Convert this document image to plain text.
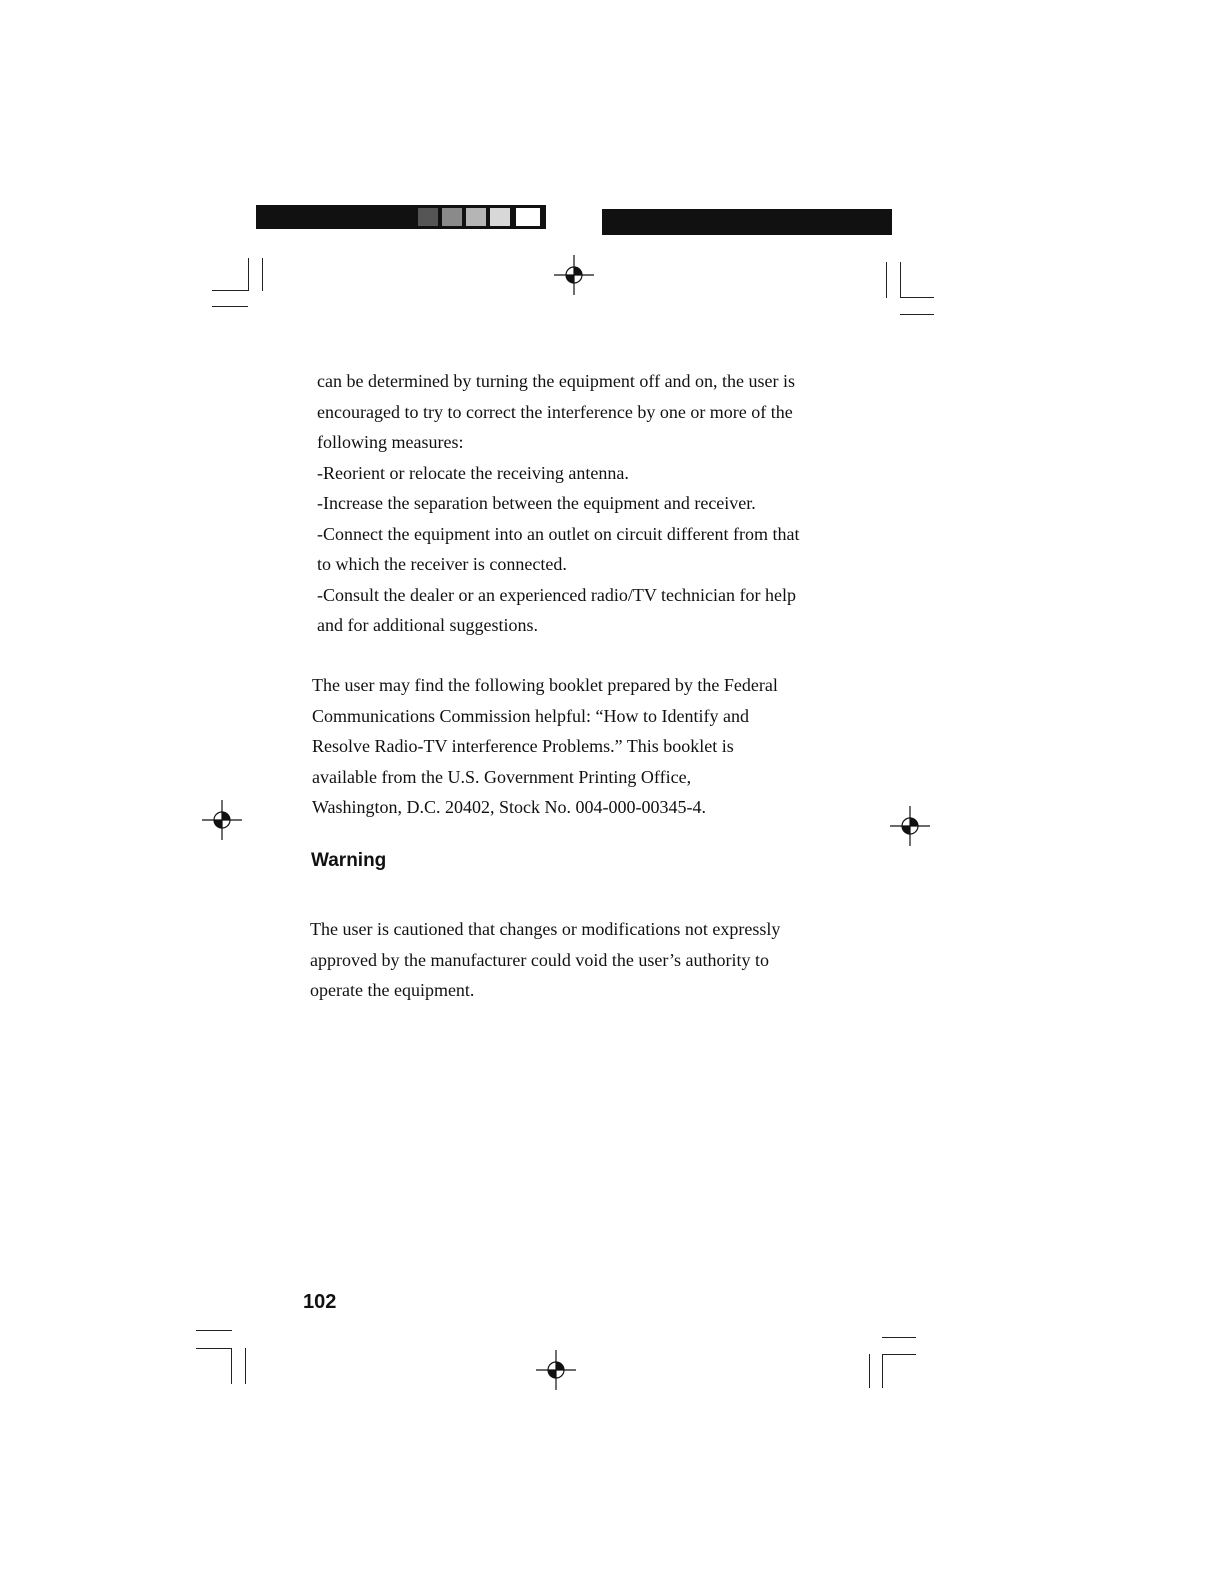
can be determined by turning the equipment off and on, the user is

encouraged to try to correct the interference by one or more of the

following measures:

-Reorient or relocate the receiving antenna.

-Increase the separation between the equipment and receiver.

-Connect the equipment into an outlet on circuit different from that

to which the receiver is connected.

-Consult the dealer or an experienced radio/TV technician for help

and for additional suggestions.

The user may find the following booklet prepared by the Federal

Communications Commission helpful: “How to Identify and

Resolve Radio-TV interference Problems.” This booklet is

available from the U.S. Government Printing Office,

Washington, D.C. 20402, Stock No. 004-000-00345-4.

Warning

The user is cautioned that changes or modifications not expressly

approved by the manufacturer could void the user’s authority to

operate the equipment.

102
